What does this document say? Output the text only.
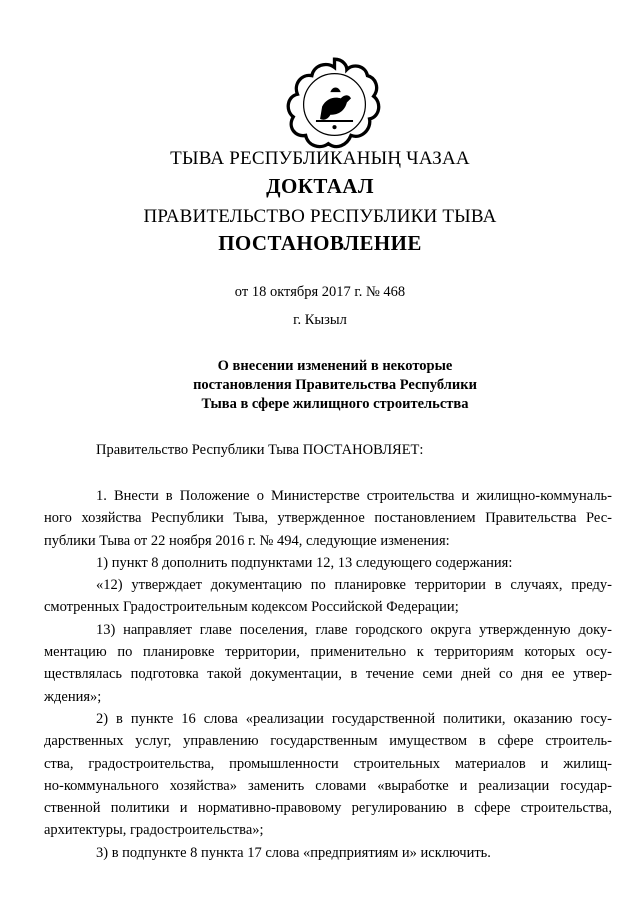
ТЫВА РЕСПУБЛИКАНЫҢ ЧАЗАА
ДОКТААЛ
ПРАВИТЕЛЬСТВО РЕСПУБЛИКИ ТЫВА
ПОСТАНОВЛЕНИЕ
от 18 октября 2017 г. № 468
г. Кызыл
О внесении изменений в некоторые
постановления Правительства Республики
Тыва в сфере жилищного строительства
Правительство Республики Тыва ПОСТАНОВЛЯЕТ:
1. Внести в Положение о Министерстве строительства и жилищно-коммуналь-
ного хозяйства Республики Тыва, утвержденное постановлением Правительства Рес-
публики Тыва от 22 ноября 2016 г. № 494, следующие изменения:
1) пункт 8 дополнить подпунктами 12, 13 следующего содержания:
«12) утверждает документацию по планировке территории в случаях, преду-
смотренных Градостроительным кодексом Российской Федерации;
13) направляет главе поселения, главе городского округа утвержденную доку-
ментацию по планировке территории, применительно к территориям которых осу-
ществлялась подготовка такой документации, в течение семи дней со дня ее утвер-
ждения»;
2) в пункте 16 слова «реализации государственной политики, оказанию госу-
дарственных услуг, управлению государственным имуществом в сфере строитель-
ства, градостроительства, промышленности строительных материалов и жилищ-
но-коммунального хозяйства» заменить словами «выработке и реализации государ-
ственной политики и нормативно-правовому регулированию в сфере строительства,
архитектуры, градостроительства»;
3) в подпункте 8 пункта 17 слова «предприятиям и» исключить.
